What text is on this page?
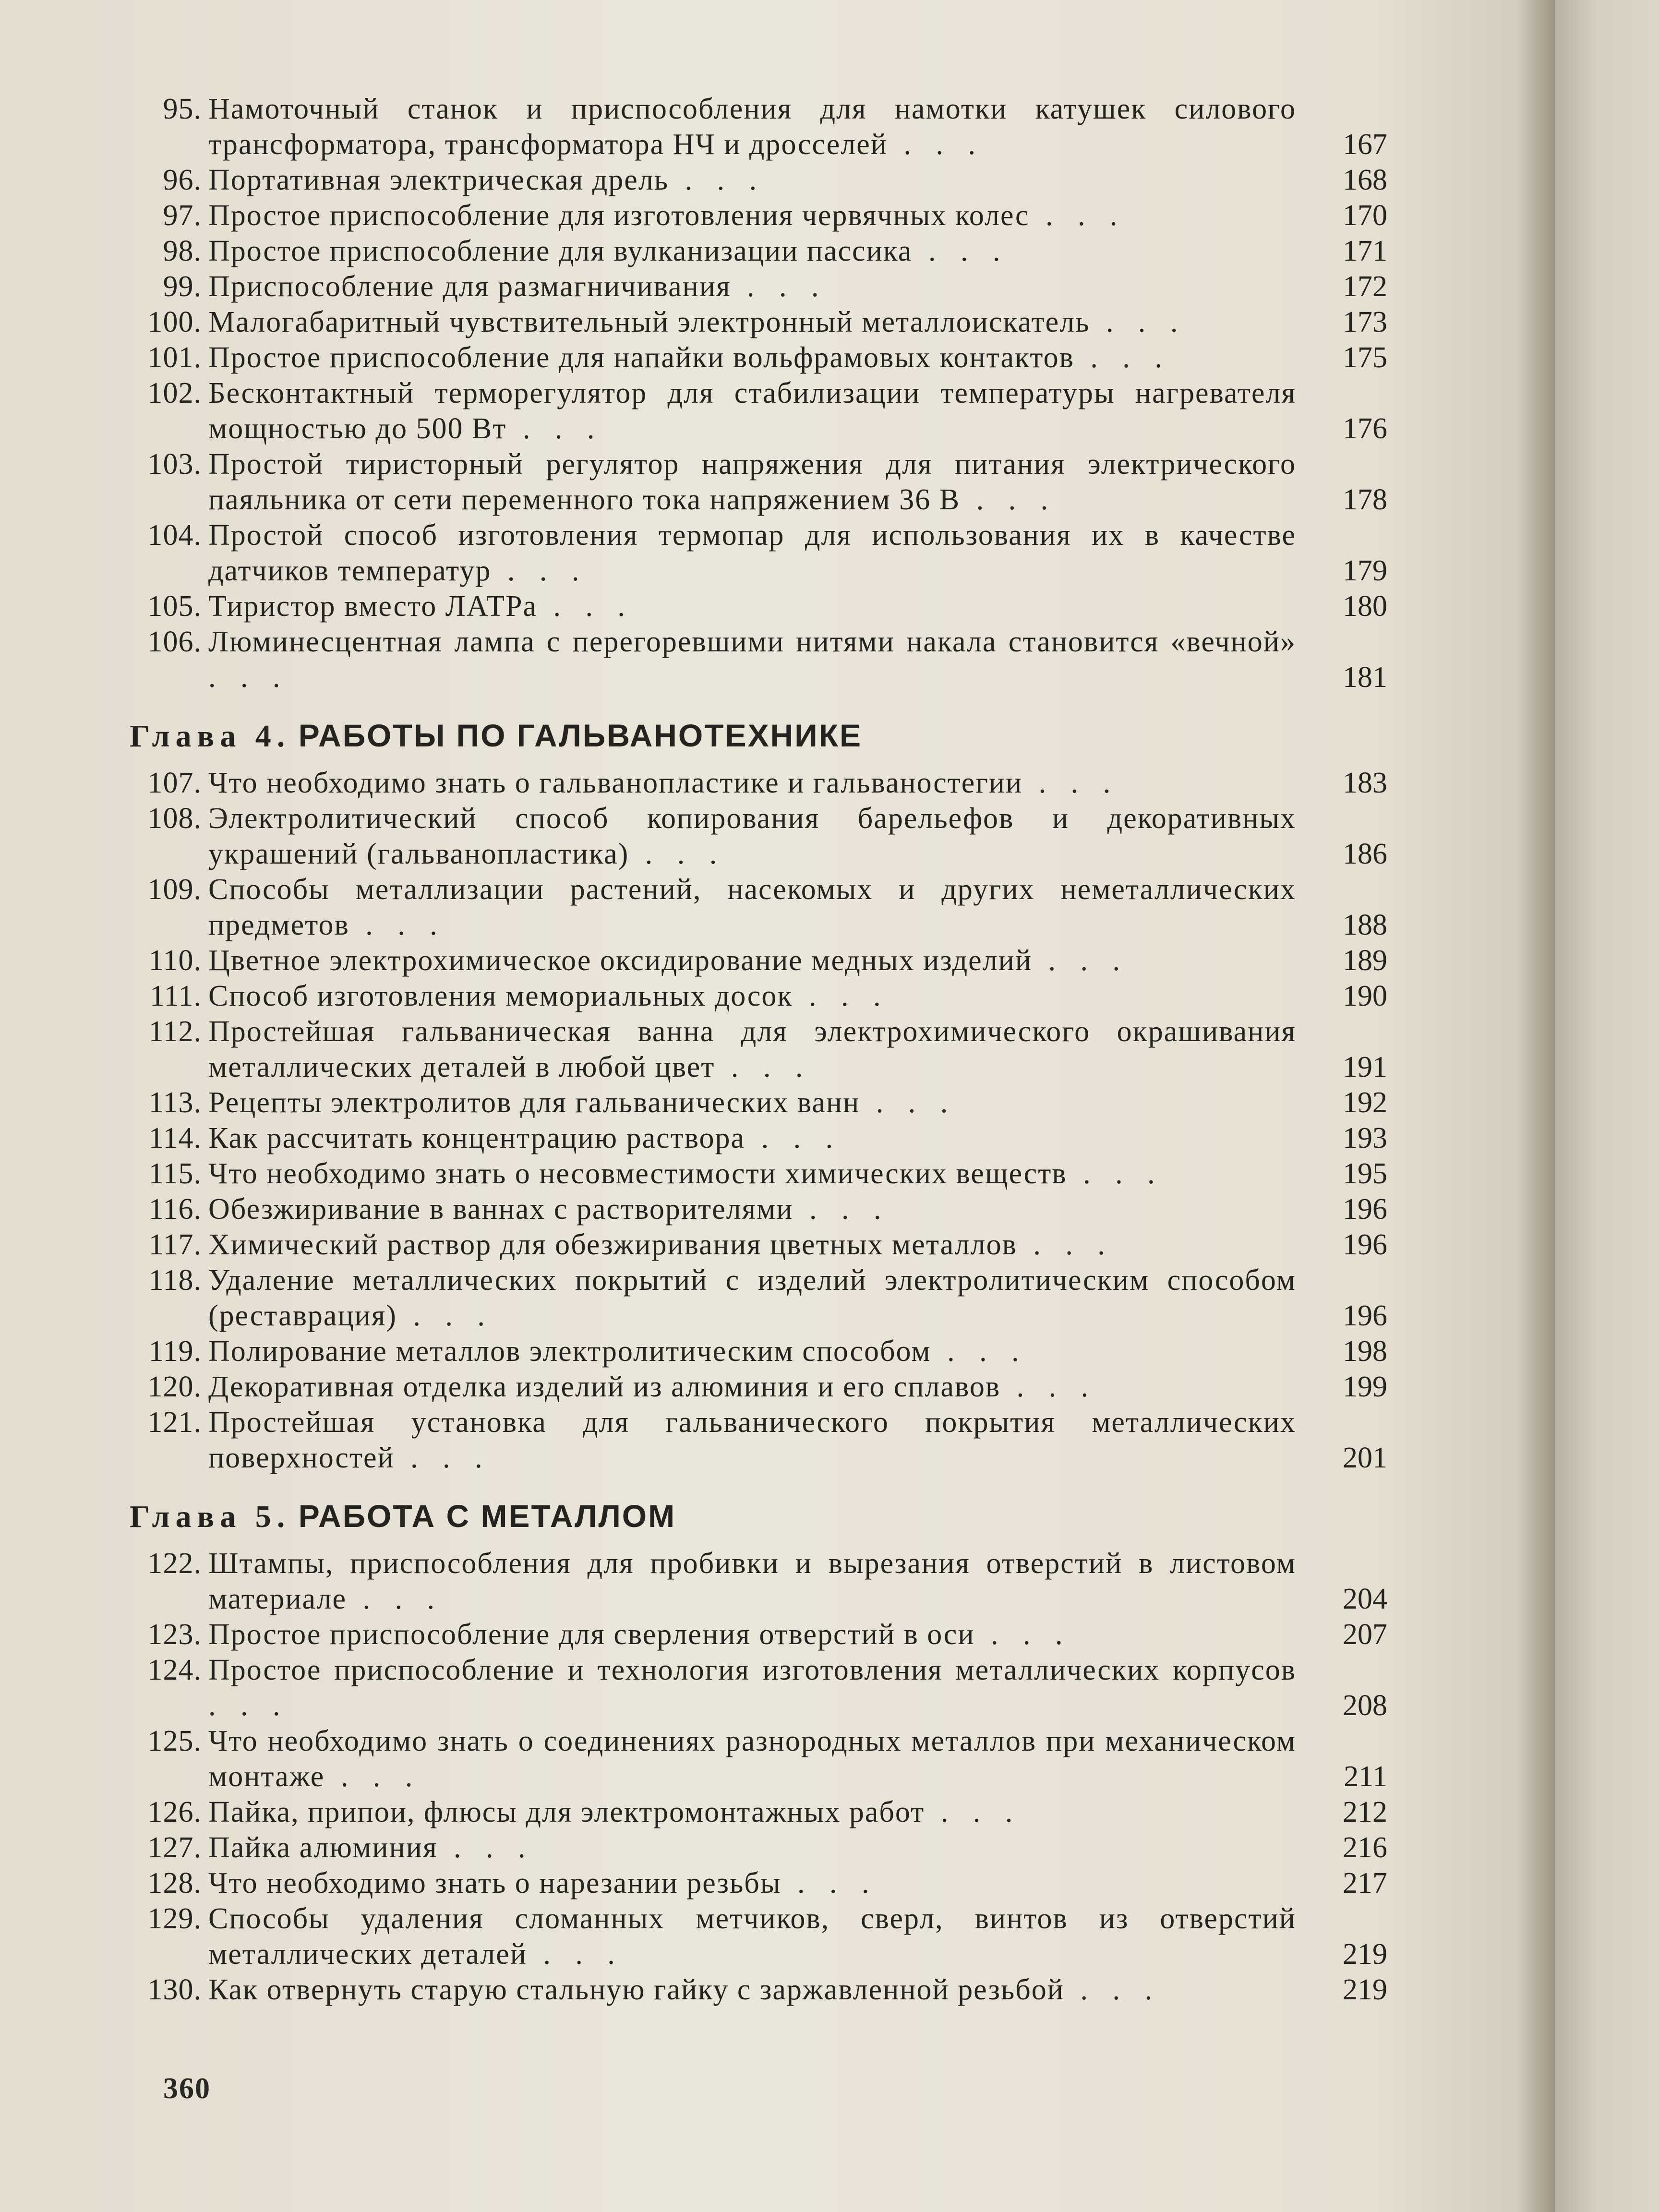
95. Намоточный станок и приспособления для намотки катушек силового трансформатора, трансформатора НЧ и дросселей . . .	167
96. Портативная электрическая дрель . . .	168
97. Простое приспособление для изготовления червячных колес . . .	170
98. Простое приспособление для вулканизации пассика . . .	171
99. Приспособление для размагничивания . . .	172
100. Малогабаритный чувствительный электронный металлоискатель . . .	173
101. Простое приспособление для напайки вольфрамовых контактов . . .	175
102. Бесконтактный терморегулятор для стабилизации температуры нагревателя мощностью до 500 Вт . . .	176
103. Простой тиристорный регулятор напряжения для питания электрического паяльника от сети переменного тока напряжением 36 В . . .	178
104. Простой способ изготовления термопар для использования их в качестве датчиков температур . . .	179
105. Тиристор вместо ЛАТРа . . .	180
106. Люминесцентная лампа с перегоревшими нитями накала становится «вечной» . . .	181
Глава 4. РАБОТЫ ПО ГАЛЬВАНОТЕХНИКЕ
107. Что необходимо знать о гальванопластике и гальваностегии . . .	183
108. Электролитический способ копирования барельефов и декоративных украшений (гальванопластика) . . .	186
109. Способы металлизации растений, насекомых и других неметаллических предметов . . .	188
110. Цветное электрохимическое оксидирование медных изделий . . .	189
111. Способ изготовления мемориальных досок . . .	190
112. Простейшая гальваническая ванна для электрохимического окрашивания металлических деталей в любой цвет . . .	191
113. Рецепты электролитов для гальванических ванн . . .	192
114. Как рассчитать концентрацию раствора . . .	193
115. Что необходимо знать о несовместимости химических веществ . . .	195
116. Обезжиривание в ваннах с растворителями . . .	196
117. Химический раствор для обезжиривания цветных металлов . . .	196
118. Удаление металлических покрытий с изделий электролитическим способом (реставрация) . . .	196
119. Полирование металлов электролитическим способом . . .	198
120. Декоративная отделка изделий из алюминия и его сплавов . . .	199
121. Простейшая установка для гальванического покрытия металлических поверхностей . . .	201
Глава 5. РАБОТА С МЕТАЛЛОМ
122. Штампы, приспособления для пробивки и вырезания отверстий в листовом материале . . .	204
123. Простое приспособление для сверления отверстий в оси . . .	207
124. Простое приспособление и технология изготовления металлических корпусов . . .	208
125. Что необходимо знать о соединениях разнородных металлов при механическом монтаже . . .	211
126. Пайка, припои, флюсы для электромонтажных работ . . .	212
127. Пайка алюминия . . .	216
128. Что необходимо знать о нарезании резьбы . . .	217
129. Способы удаления сломанных метчиков, сверл, винтов из отверстий металлических деталей . . .	219
130. Как отвернуть старую стальную гайку с заржавленной резьбой . . .	219
360
